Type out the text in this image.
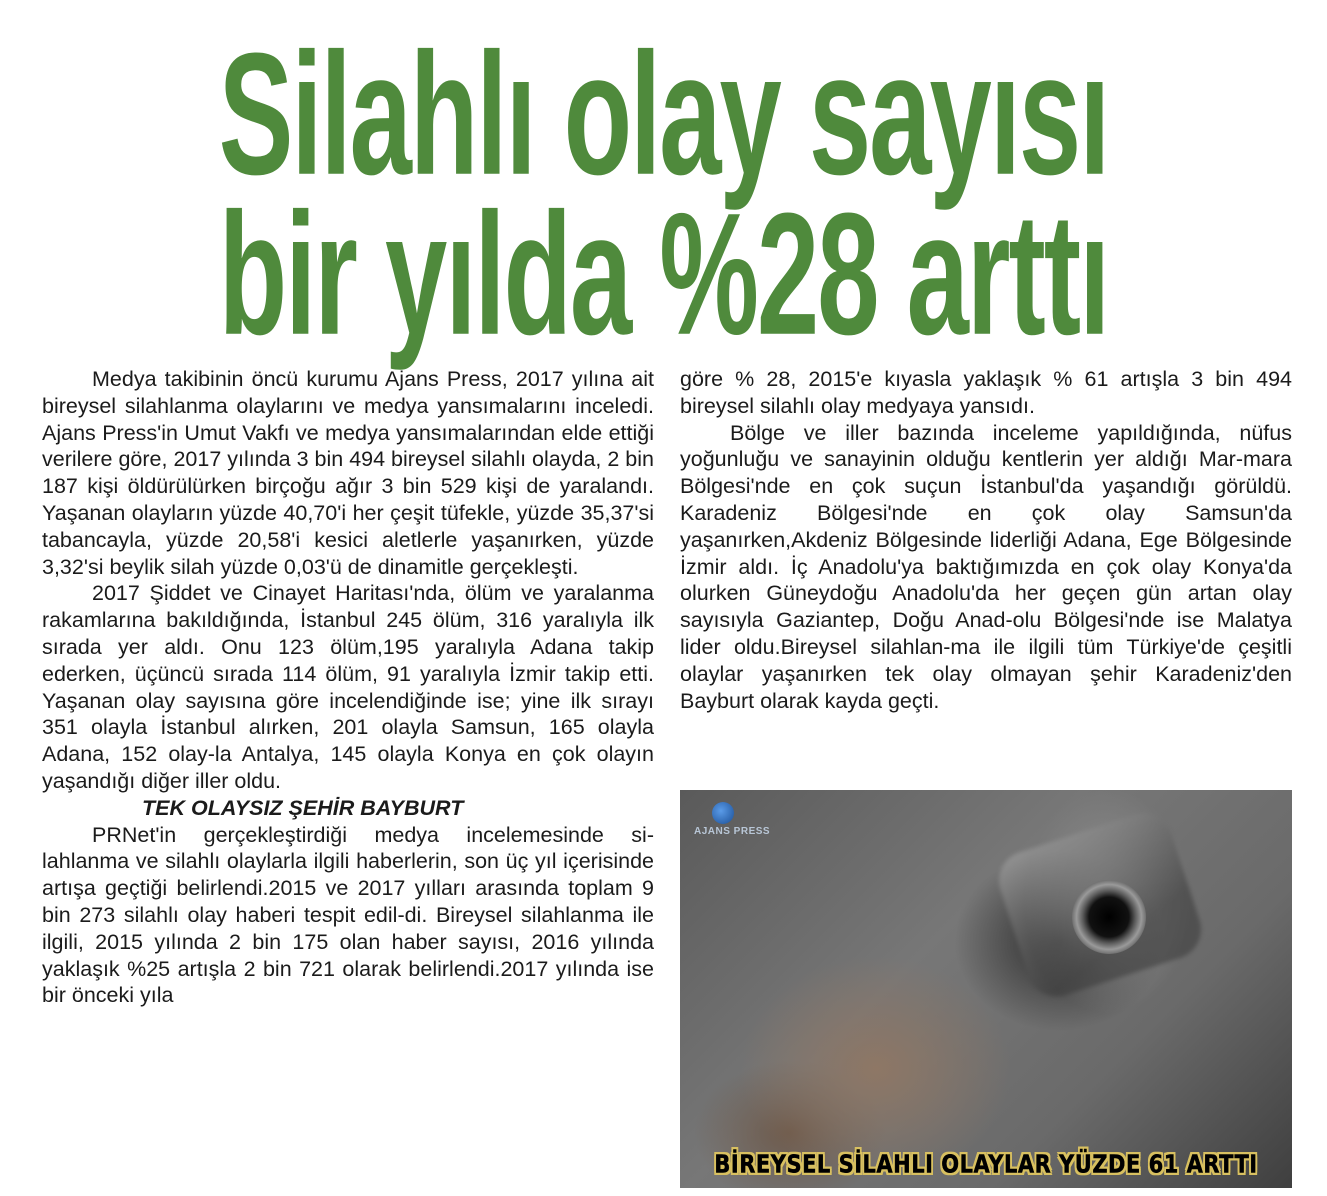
Silahlı olay sayısı
bir yılda %28 arttı

Medya takibinin öncü kurumu Ajans Press, 2017 yılına ait bireysel silahlanma olaylarını ve medya yansımalarını inceledi. Ajans Press'in Umut Vakfı ve medya yansımalarından elde ettiği verilere göre, 2017 yılında 3 bin 494 bireysel silahlı olayda, 2 bin 187 kişi öldürülürken birçoğu ağır 3 bin 529 kişi de yaralandı. Yaşanan olayların yüzde 40,70'i her çeşit tüfekle, yüzde 35,37'si tabancayla, yüzde 20,58'i kesici aletlerle yaşanırken, yüzde 3,32'si beylik silah yüzde 0,03'ü de dinamitle gerçekleşti.

2017 Şiddet ve Cinayet Haritası'nda, ölüm ve yaralanma rakamlarına bakıldığında, İstanbul 245 ölüm, 316 yaralıyla ilk sırada yer aldı. Onu 123 ölüm,195 yaralıyla Adana takip ederken, üçüncü sırada 114 ölüm, 91 yaralıyla İzmir takip etti. Yaşanan olay sayısına göre incelendiğinde ise; yine ilk sırayı 351 olayla İstanbul alırken, 201 olayla Samsun, 165 olayla Adana, 152 olay-la Antalya, 145 olayla Konya en çok olayın yaşandığı diğer iller oldu.

TEK OLAYSIZ ŞEHİR BAYBURT

PRNet'in gerçekleştirdiği medya incelemesinde si-lahlanma ve silahlı olaylarla ilgili haberlerin, son üç yıl içerisinde artışa geçtiği belirlendi.2015 ve 2017 yılları arasında toplam 9 bin 273 silahlı olay haberi tespit edil-di. Bireysel silahlanma ile ilgili, 2015 yılında 2 bin 175 olan haber sayısı, 2016 yılında yaklaşık %25 artışla 2 bin 721 olarak belirlendi.2017 yılında ise bir önceki yıla

göre % 28, 2015'e kıyasla yaklaşık % 61 artışla 3 bin 494 bireysel silahlı olay medyaya yansıdı.

Bölge ve iller bazında inceleme yapıldığında, nüfus yoğunluğu ve sanayinin olduğu kentlerin yer aldığı Mar-mara Bölgesi'nde en çok suçun İstanbul'da yaşandığı görüldü. Karadeniz Bölgesi'nde en çok olay Samsun'da yaşanırken,Akdeniz Bölgesinde liderliği Adana, Ege Bölgesinde İzmir aldı. İç Anadolu'ya baktığımızda en çok olay Konya'da olurken Güneydoğu Anadolu'da her geçen gün artan olay sayısıyla Gaziantep, Doğu Anad-olu Bölgesi'nde ise Malatya lider oldu.Bireysel silahlan-ma ile ilgili tüm Türkiye'de çeşitli olaylar yaşanırken tek olay olmayan şehir Karadeniz'den Bayburt olarak kayda geçti.

AJANS PRESS
BİREYSEL SİLAHLI OLAYLAR YÜZDE 61 ARTTI
